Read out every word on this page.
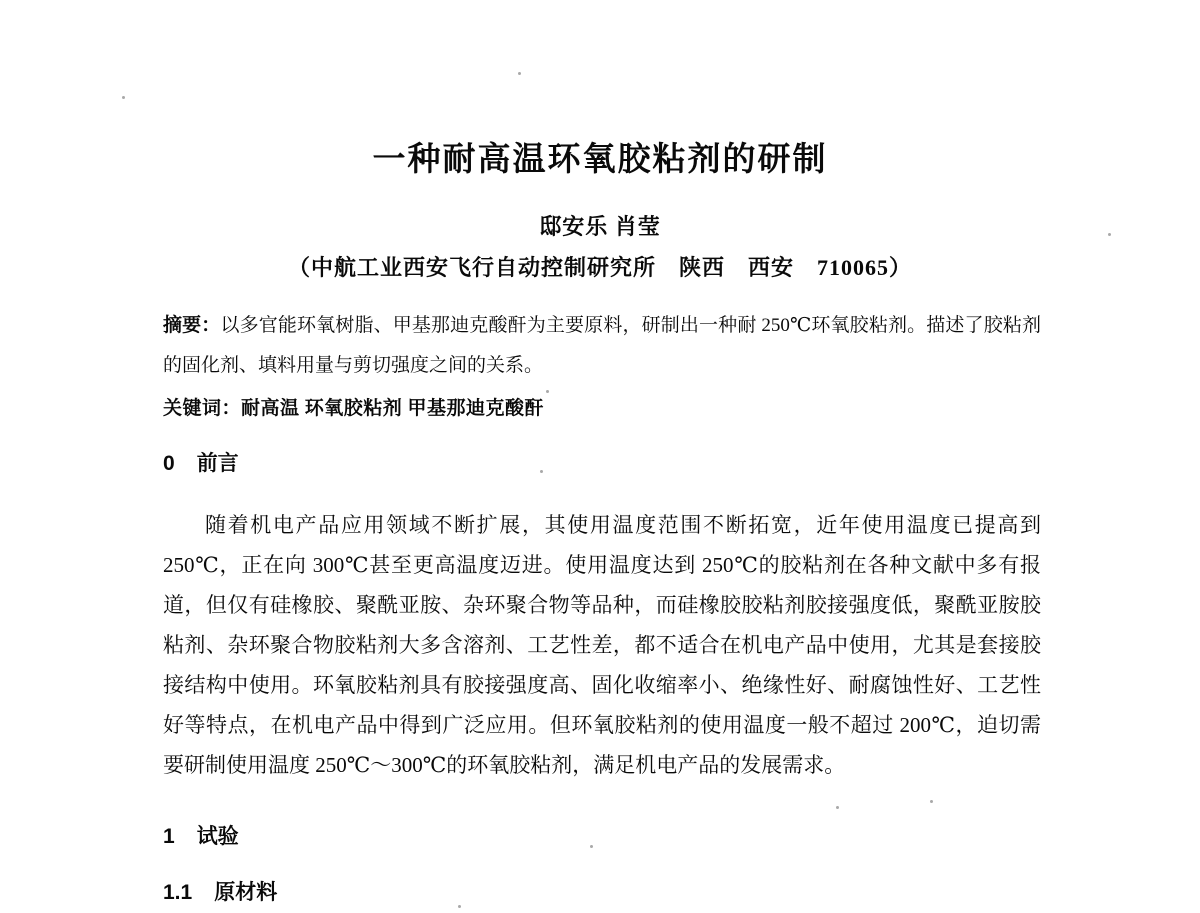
一种耐高温环氧胶粘剂的研制
邸安乐 肖莹
（中航工业西安飞行自动控制研究所　陕西　西安　710065）
摘要：以多官能环氧树脂、甲基那迪克酸酐为主要原料，研制出一种耐 250℃环氧胶粘剂。描述了胶粘剂的固化剂、填料用量与剪切强度之间的关系。
关键词：耐高温 环氧胶粘剂 甲基那迪克酸酐
0 前言

随着机电产品应用领域不断扩展，其使用温度范围不断拓宽，近年使用温度已提高到 250℃，正在向 300℃甚至更高温度迈进。使用温度达到 250℃的胶粘剂在各种文献中多有报道，但仅有硅橡胶、聚酰亚胺、杂环聚合物等品种，而硅橡胶胶粘剂胶接强度低，聚酰亚胺胶粘剂、杂环聚合物胶粘剂大多含溶剂、工艺性差，都不适合在机电产品中使用，尤其是套接胶接结构中使用。环氧胶粘剂具有胶接强度高、固化收缩率小、绝缘性好、耐腐蚀性好、工艺性好等特点，在机电产品中得到广泛应用。但环氧胶粘剂的使用温度一般不超过 200℃，迫切需要研制使用温度 250℃～300℃的环氧胶粘剂，满足机电产品的发展需求。

1 试验
1.1 原材料
